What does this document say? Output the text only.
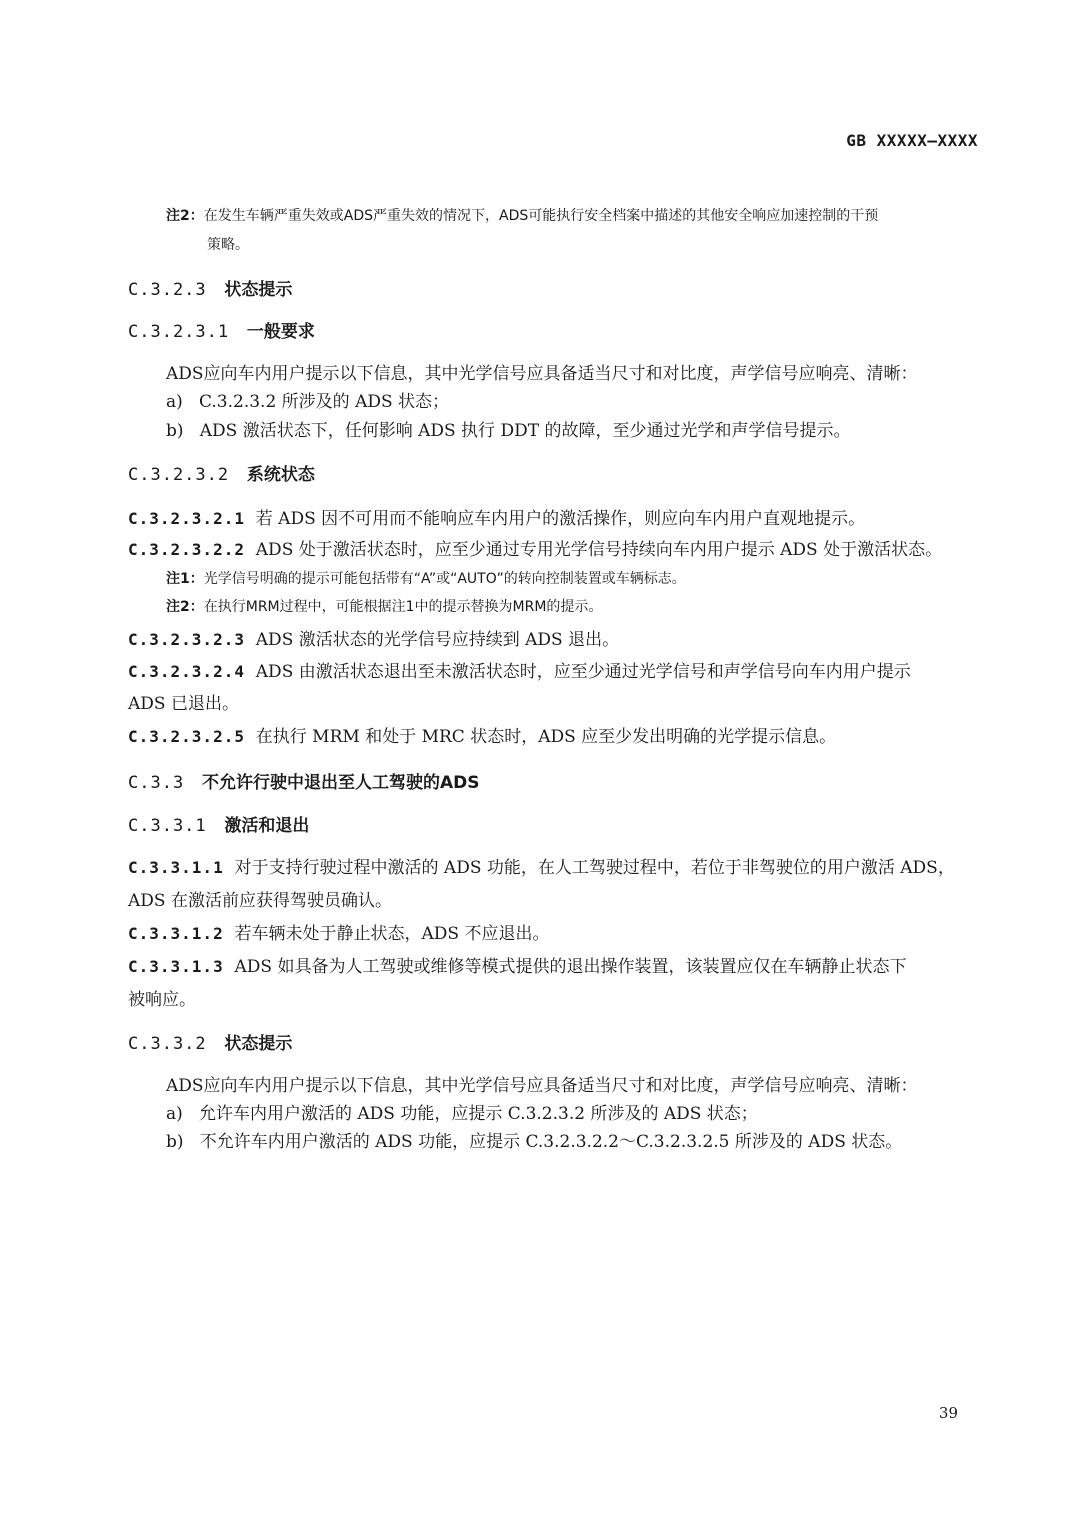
GB XXXXX—XXXX
注2：在发生车辆严重失效或ADS严重失效的情况下，ADS可能执行安全档案中描述的其他安全响应加速控制的干预
策略。
C.3.2.3 状态提示
C.3.2.3.1 一般要求
ADS应向车内用户提示以下信息，其中光学信号应具备适当尺寸和对比度，声学信号应响亮、清晰：
a) C.3.2.3.2 所涉及的 ADS 状态；
b) ADS 激活状态下，任何影响 ADS 执行 DDT 的故障，至少通过光学和声学信号提示。
C.3.2.3.2 系统状态
C.3.2.3.2.1 若 ADS 因不可用而不能响应车内用户的激活操作，则应向车内用户直观地提示。
C.3.2.3.2.2 ADS 处于激活状态时，应至少通过专用光学信号持续向车内用户提示 ADS 处于激活状态。
注1：光学信号明确的提示可能包括带有“A”或“AUTO”的转向控制装置或车辆标志。
注2：在执行MRM过程中，可能根据注1中的提示替换为MRM的提示。
C.3.2.3.2.3 ADS 激活状态的光学信号应持续到 ADS 退出。
C.3.2.3.2.4 ADS 由激活状态退出至未激活状态时，应至少通过光学信号和声学信号向车内用户提示
ADS 已退出。
C.3.2.3.2.5 在执行 MRM 和处于 MRC 状态时，ADS 应至少发出明确的光学提示信息。
C.3.3 不允许行驶中退出至人工驾驶的ADS
C.3.3.1 激活和退出
C.3.3.1.1 对于支持行驶过程中激活的 ADS 功能，在人工驾驶过程中，若位于非驾驶位的用户激活 ADS，
ADS 在激活前应获得驾驶员确认。
C.3.3.1.2 若车辆未处于静止状态，ADS 不应退出。
C.3.3.1.3 ADS 如具备为人工驾驶或维修等模式提供的退出操作装置，该装置应仅在车辆静止状态下
被响应。
C.3.3.2 状态提示
ADS应向车内用户提示以下信息，其中光学信号应具备适当尺寸和对比度，声学信号应响亮、清晰：
a) 允许车内用户激活的 ADS 功能，应提示 C.3.2.3.2 所涉及的 ADS 状态；
b) 不允许车内用户激活的 ADS 功能，应提示 C.3.2.3.2.2～C.3.2.3.2.5 所涉及的 ADS 状态。
39
